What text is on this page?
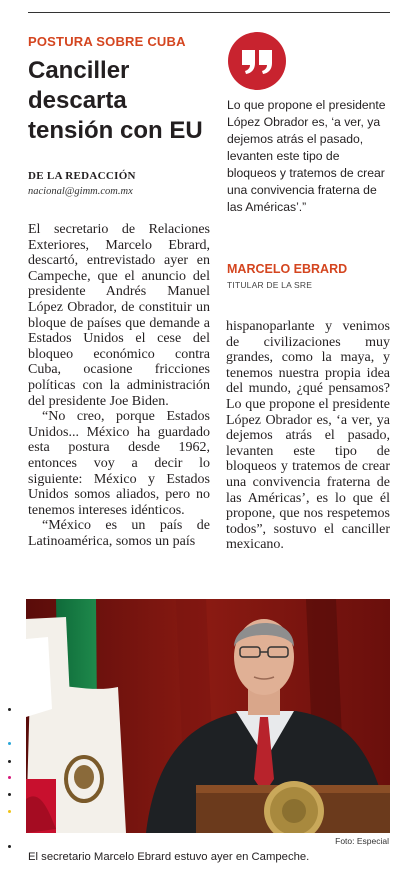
POSTURA SOBRE CUBA
Canciller descarta tensión con EU
DE LA REDACCIÓN
nacional@gimm.com.mx

El secretario de Relaciones Exteriores, Marcelo Ebrard, descartó, entrevistado ayer en Campeche, que el anuncio del presidente Andrés Manuel López Obrador, de constituir un bloque de países que demande a Estados Unidos el cese del bloqueo económico contra Cuba, ocasione fricciones políticas con la administración del presidente Joe Biden.

“No creo, porque Estados Unidos... México ha guardado esta postura desde 1962, entonces voy a decir lo siguiente: México y Estados Unidos somos aliados, pero no tenemos intereses idénticos.

“México es un país de Latinoamérica, somos un país

Lo que propone el presidente López Obrador es, ‘a ver, ya dejemos atrás el pasado, levanten este tipo de bloqueos y tratemos de crear una convivencia fraterna de las Américas’.”
MARCELO EBRARD
TITULAR DE LA SRE

hispanoparlante y venimos de civilizaciones muy grandes, como la maya, y tenemos nuestra propia idea del mundo, ¿qué pensamos? Lo que propone el presidente López Obrador es, ‘a ver, ya dejemos atrás el pasado, levanten este tipo de bloqueos y tratemos de crear una convivencia fraterna de las Américas’, es lo que él propone, que nos respetemos todos”, sostuvo el canciller mexicano.

Foto: Especial
El secretario Marcelo Ebrard estuvo ayer en Campeche.
